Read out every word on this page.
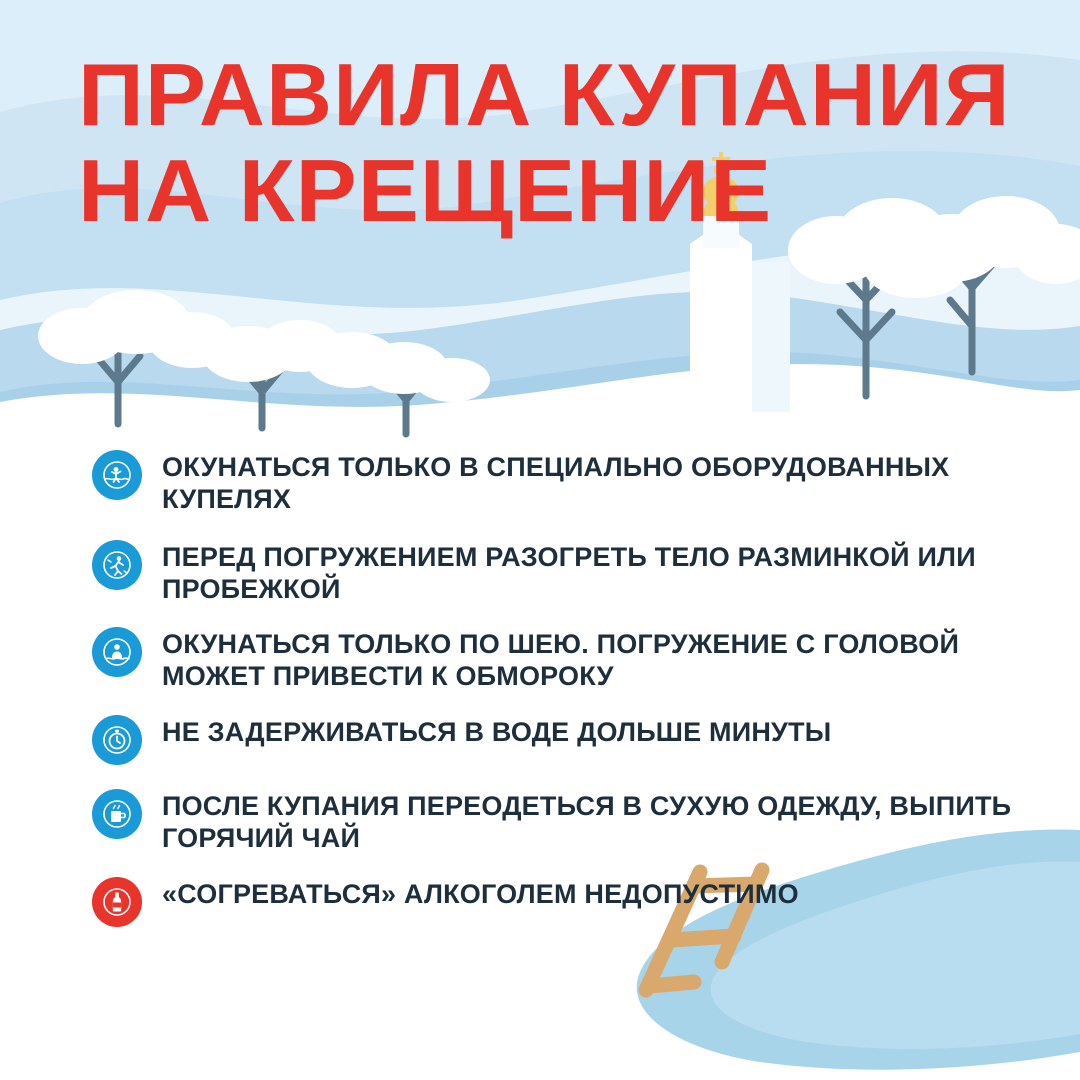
ПРАВИЛА КУПАНИЯ
НА КРЕЩЕНИЕ
ОКУНАТЬСЯ ТОЛЬКО В СПЕЦИАЛЬНО ОБОРУДОВАННЫХ КУПЕЛЯХ
ПЕРЕД ПОГРУЖЕНИЕМ РАЗОГРЕТЬ ТЕЛО РАЗМИНКОЙ ИЛИ ПРОБЕЖКОЙ
ОКУНАТЬСЯ ТОЛЬКО ПО ШЕЮ. ПОГРУЖЕНИЕ С ГОЛОВОЙ МОЖЕТ ПРИВЕСТИ К ОБМОРОКУ
НЕ ЗАДЕРЖИВАТЬСЯ В ВОДЕ ДОЛЬШЕ МИНУТЫ
ПОСЛЕ КУПАНИЯ ПЕРЕОДЕТЬСЯ В СУХУЮ ОДЕЖДУ, ВЫПИТЬ ГОРЯЧИЙ ЧАЙ
«СОГРЕВАТЬСЯ» АЛКОГОЛЕМ НЕДОПУСТИМО
